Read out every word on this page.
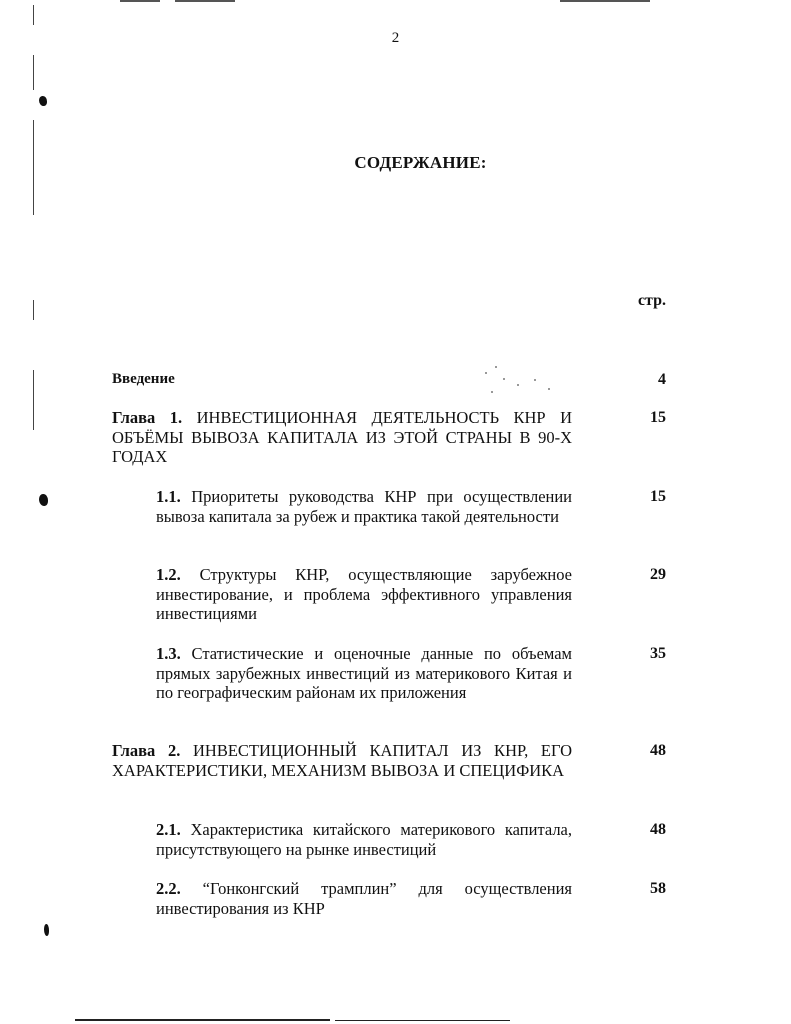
2
СОДЕРЖАНИЕ:
стр.
Введение	4
Глава 1. ИНВЕСТИЦИОННАЯ ДЕЯТЕЛЬНОСТЬ КНР И ОБЪЁМЫ ВЫВОЗА КАПИТАЛА ИЗ ЭТОЙ СТРАНЫ В 90-Х ГОДАХ
15
1.1. Приоритеты руководства КНР при осуществлении вывоза капитала за рубеж и практика такой деятельности
15
1.2. Структуры КНР, осуществляющие зарубежное инвестирование, и проблема эффективного управления инвестициями
29
1.3. Статистические и оценочные данные по объемам прямых зарубежных инвестиций из материкового Китая и по географическим районам их приложения
35
Глава 2. ИНВЕСТИЦИОННЫЙ КАПИТАЛ ИЗ КНР, ЕГО ХАРАКТЕРИСТИКИ, МЕХАНИЗМ ВЫВОЗА И СПЕЦИФИКА
48
2.1. Характеристика китайского материкового капитала, присутствующего на рынке инвестиций
48
2.2. “Гонконгский трамплин” для осуществления инвестирования из КНР
58
